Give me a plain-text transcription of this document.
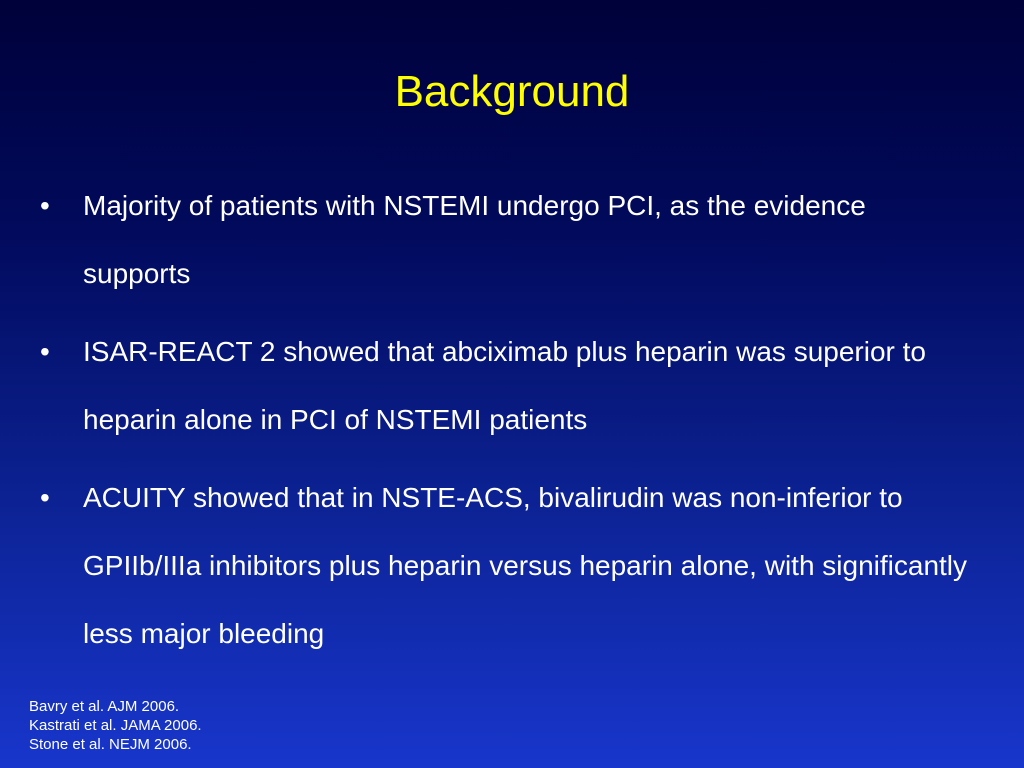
Background
• Majority of patients with NSTEMI undergo PCI, as the evidence supports
• ISAR-REACT 2 showed that abciximab plus heparin was superior to heparin alone in PCI of NSTEMI patients
• ACUITY showed that in NSTE-ACS, bivalirudin was non-inferior to GPIIb/IIIa inhibitors plus heparin versus heparin alone, with significantly less major bleeding
Bavry et al. AJM 2006.
Kastrati et al. JAMA 2006.
Stone et al. NEJM 2006.
